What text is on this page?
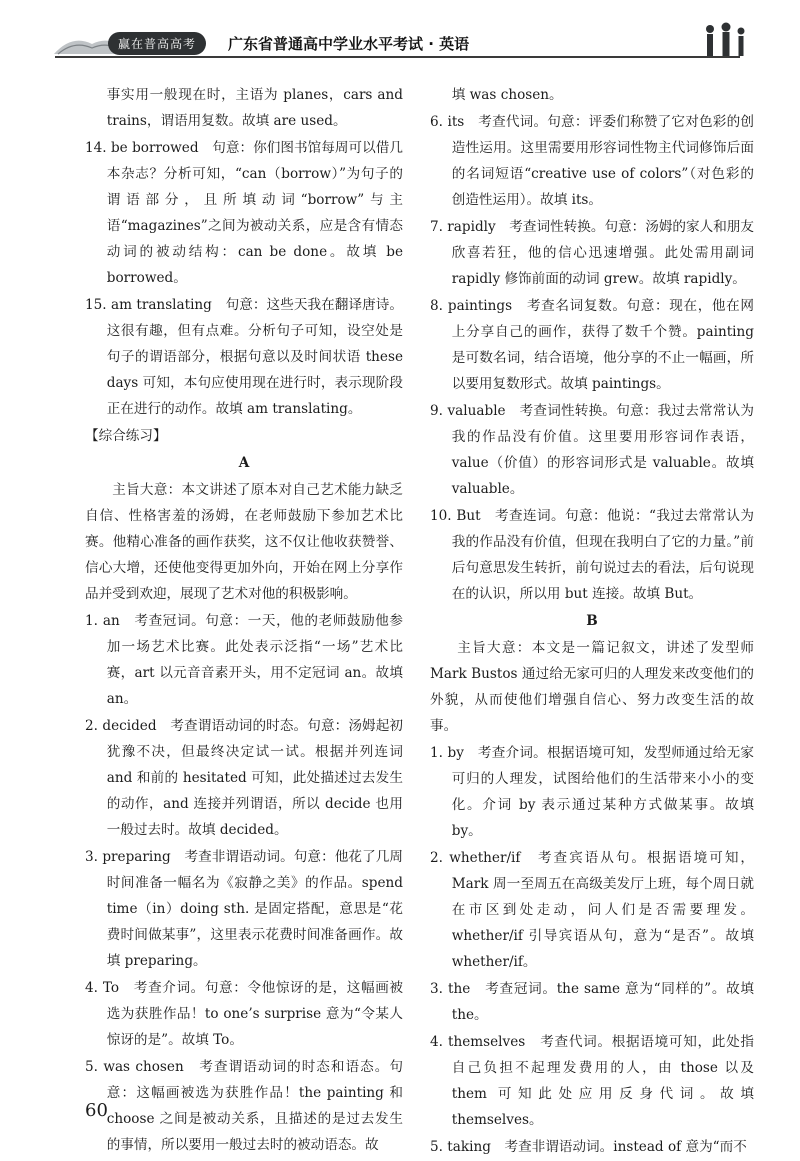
赢在普高高考	广东省普通高中学业水平考试 · 英语

事实用一般现在时，主语为 planes，cars and trains，谓语用复数。故填 are used。

14. be borrowed　句意：你们图书馆每周可以借几本杂志？分析可知，“can（borrow）”为句子的谓语部分，且所填动词“borrow”与主语“magazines”之间为被动关系，应是含有情态动词的被动结构：can be done。故填 be borrowed。

15. am translating　句意：这些天我在翻译唐诗。这很有趣，但有点难。分析句子可知，设空处是句子的谓语部分，根据句意以及时间状语 these days 可知，本句应使用现在进行时，表示现阶段正在进行的动作。故填 am translating。

【综合练习】

A

主旨大意：本文讲述了原本对自己艺术能力缺乏自信、性格害羞的汤姆，在老师鼓励下参加艺术比赛。他精心准备的画作获奖，这不仅让他收获赞誉、信心大增，还使他变得更加外向，开始在网上分享作品并受到欢迎，展现了艺术对他的积极影响。

1. an　考查冠词。句意：一天，他的老师鼓励他参加一场艺术比赛。此处表示泛指“一场”艺术比赛，art 以元音音素开头，用不定冠词 an。故填 an。

2. decided　考查谓语动词的时态。句意：汤姆起初犹豫不决，但最终决定试一试。根据并列连词 and 和前的 hesitated 可知，此处描述过去发生的动作，and 连接并列谓语，所以 decide 也用一般过去时。故填 decided。

3. preparing　考查非谓语动词。句意：他花了几周时间准备一幅名为《寂静之美》的作品。spend time（in）doing sth. 是固定搭配，意思是“花费时间做某事”，这里表示花费时间准备画作。故填 preparing。

4. To　考查介词。句意：令他惊讶的是，这幅画被选为获胜作品！to one’s surprise 意为“令某人惊讶的是”。故填 To。

5. was chosen　考查谓语动词的时态和语态。句意：这幅画被选为获胜作品！the painting 和 choose 之间是被动关系，且描述的是过去发生的事情，所以要用一般过去时的被动语态。故

填 was chosen。

6. its　考查代词。句意：评委们称赞了它对色彩的创造性运用。这里需要用形容词性物主代词修饰后面的名词短语“creative use of colors”（对色彩的创造性运用）。故填 its。

7. rapidly　考查词性转换。句意：汤姆的家人和朋友欣喜若狂，他的信心迅速增强。此处需用副词 rapidly 修饰前面的动词 grew。故填 rapidly。

8. paintings　考查名词复数。句意：现在，他在网上分享自己的画作，获得了数千个赞。painting 是可数名词，结合语境，他分享的不止一幅画，所以要用复数形式。故填 paintings。

9. valuable　考查词性转换。句意：我过去常常认为我的作品没有价值。这里要用形容词作表语，value（价值）的形容词形式是 valuable。故填 valuable。

10. But　考查连词。句意：他说：“我过去常常认为我的作品没有价值，但现在我明白了它的力量。”前后句意思发生转折，前句说过去的看法，后句说现在的认识，所以用 but 连接。故填 But。

B

主旨大意：本文是一篇记叙文，讲述了发型师 Mark Bustos 通过给无家可归的人理发来改变他们的外貌，从而使他们增强自信心、努力改变生活的故事。

1. by　考查介词。根据语境可知，发型师通过给无家可归的人理发，试图给他们的生活带来小小的变化。介词 by 表示通过某种方式做某事。故填 by。

2. whether/if　考查宾语从句。根据语境可知，Mark 周一至周五在高级美发厅上班，每个周日就在市区到处走动，问人们是否需要理发。whether/if 引导宾语从句，意为“是否”。故填 whether/if。

3. the　考查冠词。the same 意为“同样的”。故填 the。

4. themselves　考查代词。根据语境可知，此处指自己负担不起理发费用的人，由 those 以及 them 可知此处应用反身代词。故填 themselves。

5. taking　考查非谓语动词。instead of 意为“而不

60
